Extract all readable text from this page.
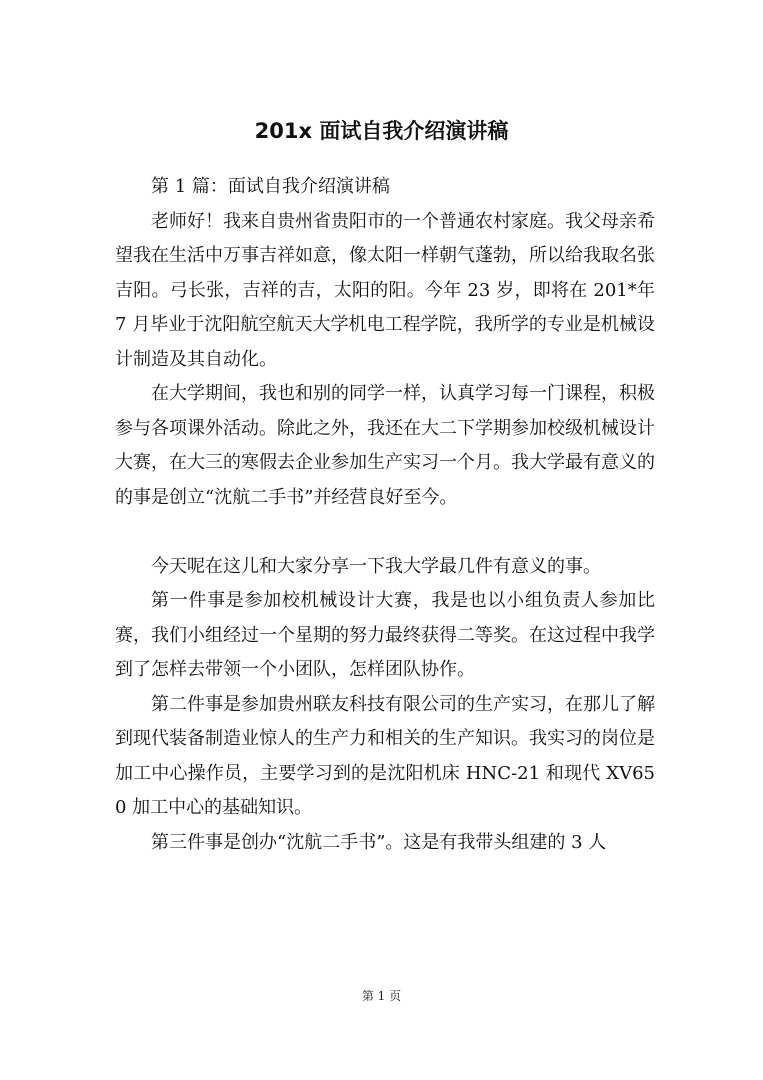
201x 面试自我介绍演讲稿

第 1 篇：面试自我介绍演讲稿

老师好！我来自贵州省贵阳市的一个普通农村家庭。我父母亲希望我在生活中万事吉祥如意，像太阳一样朝气蓬勃，所以给我取名张吉阳。弓长张，吉祥的吉，太阳的阳。今年 23 岁，即将在 201*年 7 月毕业于沈阳航空航天大学机电工程学院，我所学的专业是机械设计制造及其自动化。

在大学期间，我也和别的同学一样，认真学习每一门课程，积极参与各项课外活动。除此之外，我还在大二下学期参加校级机械设计大赛，在大三的寒假去企业参加生产实习一个月。我大学最有意义的的事是创立“沈航二手书”并经营良好至今。

今天呢在这儿和大家分享一下我大学最几件有意义的事。

第一件事是参加校机械设计大赛，我是也以小组负责人参加比赛，我们小组经过一个星期的努力最终获得二等奖。在这过程中我学到了怎样去带领一个小团队，怎样团队协作。

第二件事是参加贵州联友科技有限公司的生产实习，在那儿了解到现代装备制造业惊人的生产力和相关的生产知识。我实习的岗位是加工中心操作员，主要学习到的是沈阳机床 HNC-21 和现代 XV650 加工中心的基础知识。

第三件事是创办“沈航二手书”。这是有我带头组建的 3 人

第 1 页
